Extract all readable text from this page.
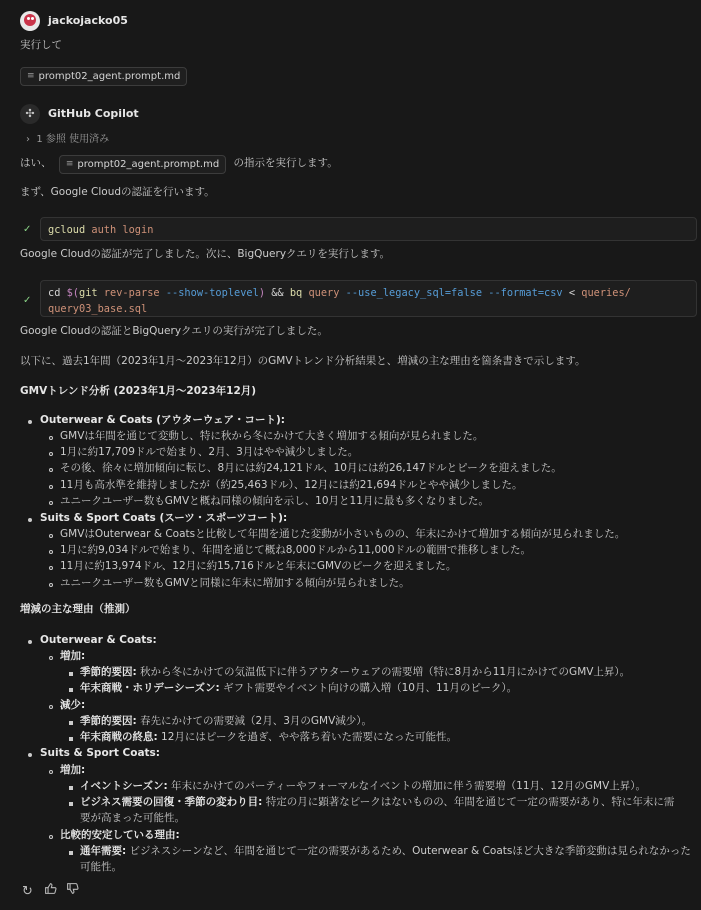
jackojacko05
実行して
≡ prompt02_agent.prompt.md
✣	GitHub Copilot
› 1 参照 使用済み
はい、 ≡ prompt02_agent.prompt.md の指示を実行します。
まず、Google Cloudの認証を行います。
✓	gcloud auth login
Google Cloudの認証が完了しました。次に、BigQueryクエリを実行します。
✓
cd $(git rev-parse --show-toplevel) && bq query --use_legacy_sql=false --format=csv < queries/
query03_base.sql
Google Cloudの認証とBigQueryクエリの実行が完了しました。
以下に、過去1年間（2023年1月〜2023年12月）のGMVトレンド分析結果と、増減の主な理由を箇条書きで示します。
GMVトレンド分析 (2023年1月〜2023年12月)
Outerwear & Coats (アウターウェア・コート):
GMVは年間を通じて変動し、特に秋から冬にかけて大きく増加する傾向が見られました。
1月に約17,709ドルで始まり、2月、3月はやや減少しました。
その後、徐々に増加傾向に転じ、8月には約24,121ドル、10月には約26,147ドルとピークを迎えました。
11月も高水準を維持しましたが（約25,463ドル）、12月には約21,694ドルとやや減少しました。
ユニークユーザー数もGMVと概ね同様の傾向を示し、10月と11月に最も多くなりました。
Suits & Sport Coats (スーツ・スポーツコート):
GMVはOuterwear & Coatsと比較して年間を通じた変動が小さいものの、年末にかけて増加する傾向が見られました。
1月に約9,034ドルで始まり、年間を通じて概ね8,000ドルから11,000ドルの範囲で推移しました。
11月に約13,974ドル、12月に約15,716ドルと年末にGMVのピークを迎えました。
ユニークユーザー数もGMVと同様に年末に増加する傾向が見られました。
増減の主な理由（推測）
Outerwear & Coats:
増加:
季節的要因: 秋から冬にかけての気温低下に伴うアウターウェアの需要増（特に8月から11月にかけてのGMV上昇）。
年末商戦・ホリデーシーズン: ギフト需要やイベント向けの購入増（10月、11月のピーク）。
減少:
季節的要因: 春先にかけての需要減（2月、3月のGMV減少）。
年末商戦の終息: 12月にはピークを過ぎ、やや落ち着いた需要になった可能性。
Suits & Sport Coats:
増加:
イベントシーズン: 年末にかけてのパーティーやフォーマルなイベントの増加に伴う需要増（11月、12月のGMV上昇）。
ビジネス需要の回復・季節の変わり目: 特定の月に顕著なピークはないものの、年間を通じて一定の需要があり、特に年末に需
要が高まった可能性。
比較的安定している理由:
通年需要: ビジネスシーンなど、年間を通じて一定の需要があるため、Outerwear & Coatsほど大きな季節変動は見られなかった
可能性。
↻
